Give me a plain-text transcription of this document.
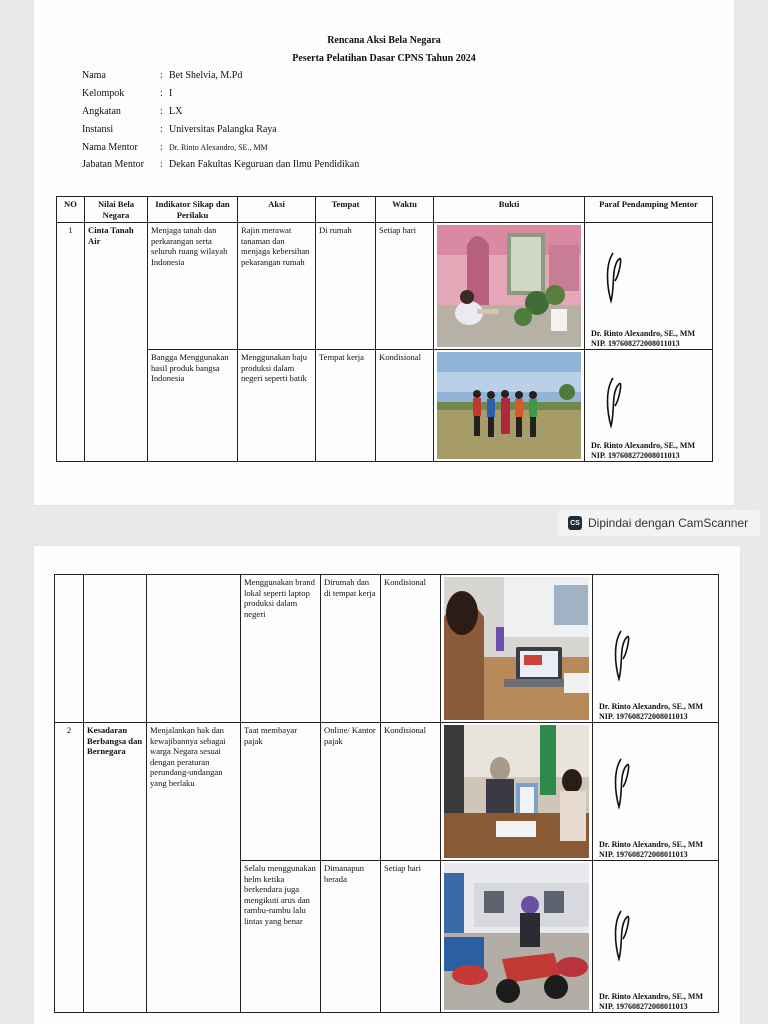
Rencana Aksi Bela Negara
Peserta Pelatihan Dasar CPNS Tahun 2024
Nama	: Bet Shelvia, M.Pd
Kelompok	: I
Angkatan	: LX
Instansi	: Universitas Palangka Raya
Nama Mentor : Dr. Rinto Alexandro, SE., MM
Jabatan Mentor : Dekan Fakultas Keguruan dan Ilmu Pendidikan
NO	Nilai Bela Negara	Indikator Sikap dan Perilaku	Aksi	Tempat	Waktu	Bukti	Paraf Pendamping Mentor
1	Cinta Tanah Air	Menjaga tanah dan perkarangan serta seluruh ruang wilayah Indonesia	Rajin merawat tanaman dan menjaga kebersihan pekarangan rumah	Di rumah	Setiap hari		Dr. Rinto Alexandro, SE., MM
NIP. 197608272008011013

		Bangga Menggunakan hasil produk bangsa Indonesia	Menggunakan baju produksi dalam negeri seperti batik	Tempat kerja	Kondisional		Dr. Rinto Alexandro, SE., MM
NIP. 197608272008011013
CS Dipindai dengan CamScanner
			Menggunakan brand lokal seperti laptop produksi dalam negeri	Dirumah dan di tempat kerja	Kondisional		Dr. Rinto Alexandro, SE., MM
NIP. 197608272008011013

2	Kesadaran Berbangsa dan Bernegara	Menjalankan hak dan kewajibannya sebagai warga Negara sesuai dengan peraturan perundang-undangan yang berlaku	Taat membayar pajak	Online/ Kantor pajak	Kondisional		Dr. Rinto Alexandro, SE., MM
NIP. 197608272008011013

			Selalu menggunakan helm ketika berkendara juga mengikuti arus dan rambu-rambu lalu lintas yang benar	Dimanapun berada	Setiap hari		Dr. Rinto Alexandro, SE., MM
NIP. 197608272008011013
